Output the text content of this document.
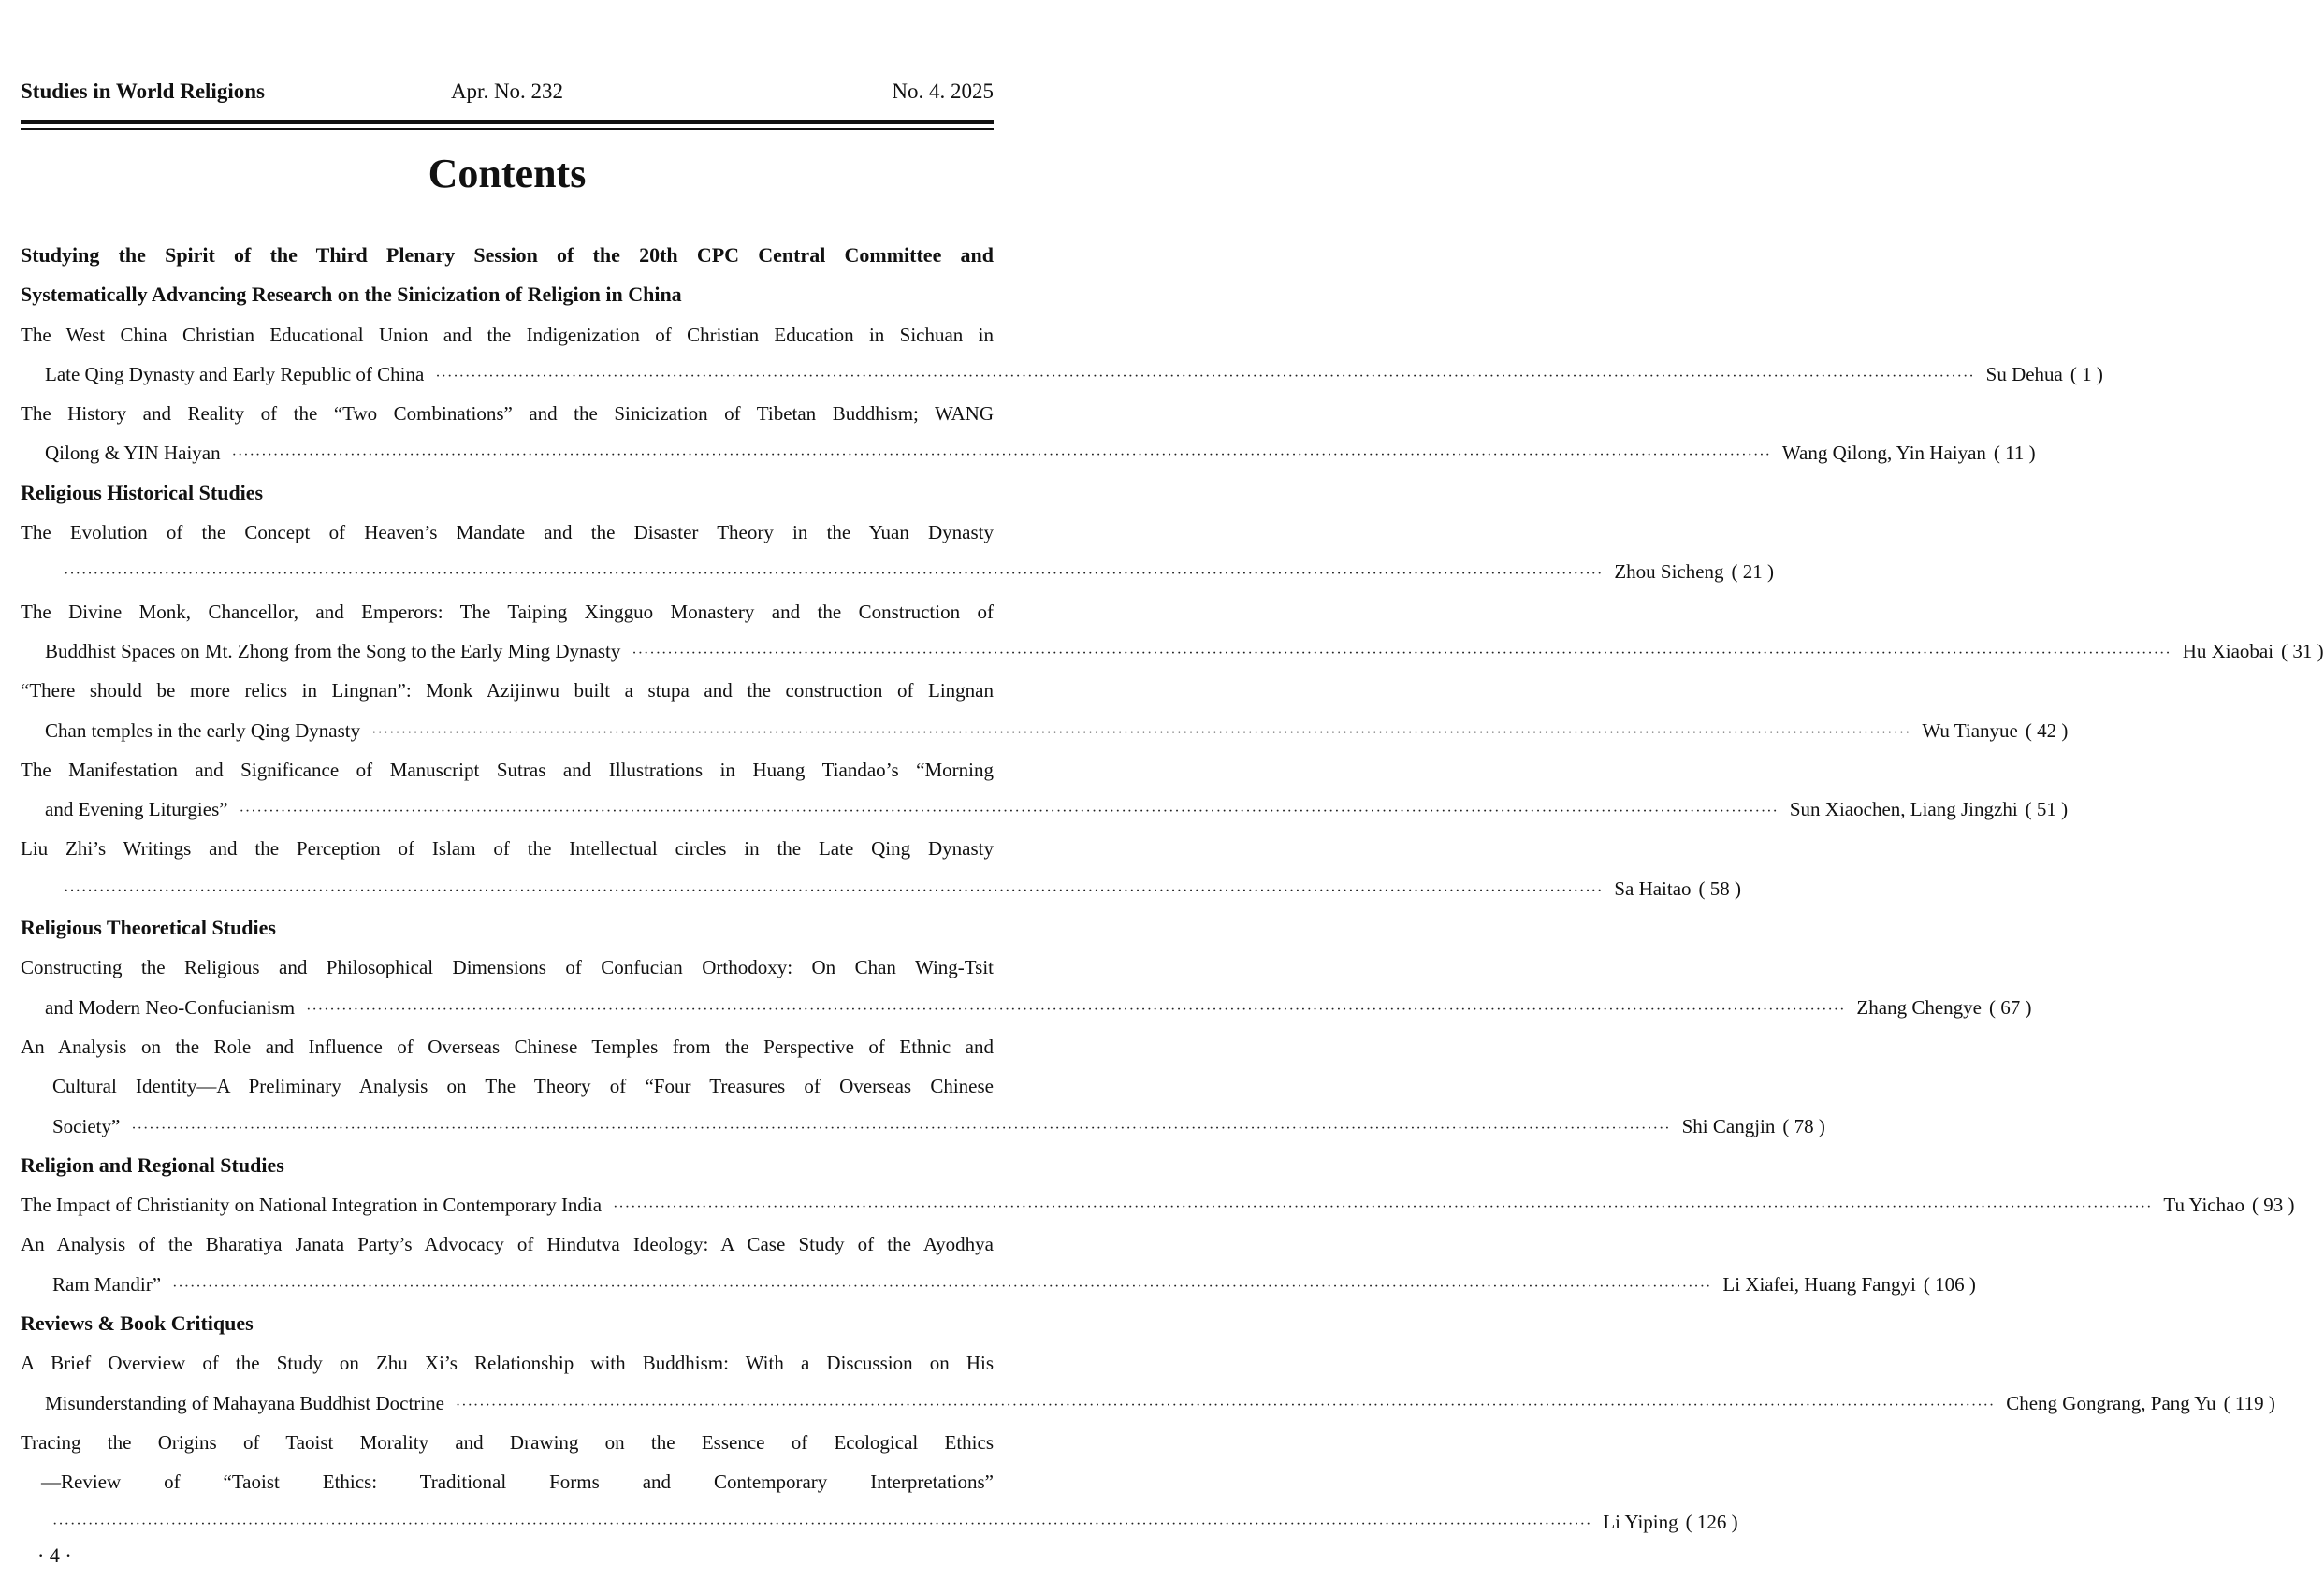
Studies in World Religions	Apr. No. 232	No. 4. 2025
Contents
Studying the Spirit of the Third Plenary Session of the 20th CPC Central Committee and
Systematically Advancing Research on the Sinicization of Religion in China
The West China Christian Educational Union and the Indigenization of Christian Education in Sichuan in
Late Qing Dynasty and Early Republic of China ···································································································································································································································································· Su Dehua ( 1 )
The History and Reality of the “Two Combinations” and the Sinicization of Tibetan Buddhism; WANG
Qilong & YIN Haiyan ···································································································································································································································································· Wang Qilong, Yin Haiyan ( 11 )
Religious Historical Studies
The Evolution of the Concept of Heaven’s Mandate and the Disaster Theory in the Yuan Dynasty
···································································································································································································································································· Zhou Sicheng ( 21 )
The Divine Monk, Chancellor, and Emperors: The Taiping Xingguo Monastery and the Construction of
Buddhist Spaces on Mt. Zhong from the Song to the Early Ming Dynasty ···································································································································································································································································· Hu Xiaobai ( 31 )
“There should be more relics in Lingnan”: Monk Azijinwu built a stupa and the construction of Lingnan
Chan temples in the early Qing Dynasty ···································································································································································································································································· Wu Tianyue ( 42 )
The Manifestation and Significance of Manuscript Sutras and Illustrations in Huang Tiandao’s “Morning
and Evening Liturgies” ···································································································································································································································································· Sun Xiaochen, Liang Jingzhi ( 51 )
Liu Zhi’s Writings and the Perception of Islam of the Intellectual circles in the Late Qing Dynasty
···································································································································································································································································· Sa Haitao ( 58 )
Religious Theoretical Studies
Constructing the Religious and Philosophical Dimensions of Confucian Orthodoxy: On Chan Wing-Tsit
and Modern Neo-Confucianism ···································································································································································································································································· Zhang Chengye ( 67 )
An Analysis on the Role and Influence of Overseas Chinese Temples from the Perspective of Ethnic and
Cultural Identity—A Preliminary Analysis on The Theory of “Four Treasures of Overseas Chinese
Society” ···································································································································································································································································· Shi Cangjin ( 78 )
Religion and Regional Studies
The Impact of Christianity on National Integration in Contemporary India ···································································································································································································································································· Tu Yichao ( 93 )
An Analysis of the Bharatiya Janata Party’s Advocacy of Hindutva Ideology: A Case Study of the Ayodhya
Ram Mandir” ···································································································································································································································································· Li Xiafei, Huang Fangyi ( 106 )
Reviews & Book Critiques
A Brief Overview of the Study on Zhu Xi’s Relationship with Buddhism: With a Discussion on His
Misunderstanding of Mahayana Buddhist Doctrine ···································································································································································································································································· Cheng Gongrang, Pang Yu ( 119 )
Tracing the Origins of Taoist Morality and Drawing on the Essence of Ecological Ethics
—Review of “Taoist Ethics: Traditional Forms and Contemporary Interpretations”
···································································································································································································································································· Li Yiping ( 126 )
· 4 ·
